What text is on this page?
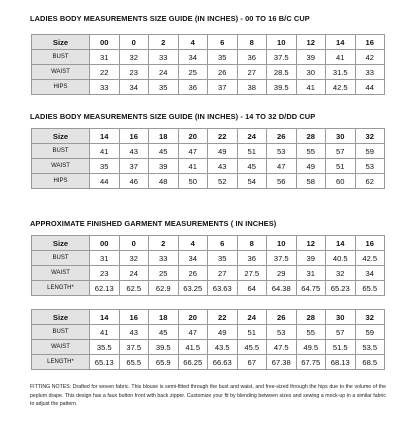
LADIES BODY MEASUREMENTS SIZE GUIDE (IN INCHES) - 00 TO 16 B/C CUP
Size	00	0	2	4	6	8	10	12	14	16
BUST	31	32	33	34	35	36	37.5	39	41	42
WAIST	22	23	24	25	26	27	28.5	30	31.5	33
HIPS	33	34	35	36	37	38	39.5	41	42.5	44
LADIES BODY MEASUREMENTS SIZE GUIDE (IN INCHES) - 14 TO 32 D/DD CUP
Size	14	16	18	20	22	24	26	28	30	32
BUST	41	43	45	47	49	51	53	55	57	59
WAIST	35	37	39	41	43	45	47	49	51	53
HIPS	44	46	48	50	52	54	56	58	60	62
APPROXIMATE FINISHED GARMENT MEASUREMENTS ( IN INCHES)
Size	00	0	2	4	6	8	10	12	14	16
BUST	31	32	33	34	35	36	37.5	39	40.5	42.5
WAIST	23	24	25	26	27	27.5	29	31	32	34
LENGTH*	62.13	62.5	62.9	63.25	63.63	64	64.38	64.75	65.23	65.5
Size	14	16	18	20	22	24	26	28	30	32
BUST	41	43	45	47	49	51	53	55	57	59
WAIST	35.5	37.5	39.5	41.5	43.5	45.5	47.5	49.5	51.5	53.5
LENGTH*	65.13	65.5	65.9	66.25	66.63	67	67.38	67.75	68.13	68.5
FITTING NOTES: Drafted for woven fabric. This blouse is semi-fitted through the bust and waist, and free-sized through the hips due to the volume of the peplum drape. This design has a faux button front with back zipper. Customize your fit by blending between sizes and sewing a mock-up in a similar fabric to adjust the pattern.
